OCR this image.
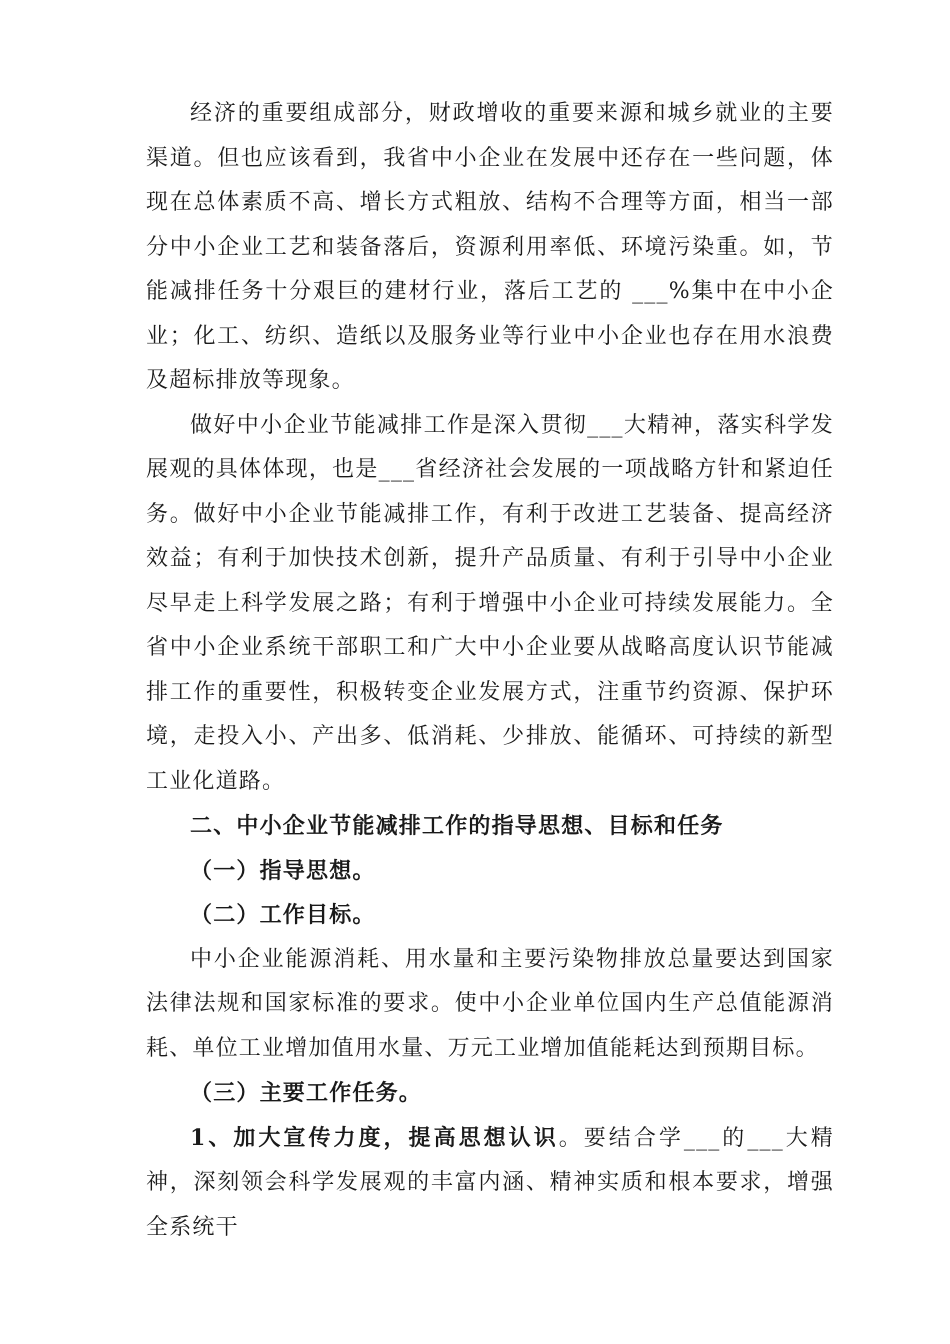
经济的重要组成部分，财政增收的重要来源和城乡就业的主要渠道。但也应该看到，我省中小企业在发展中还存在一些问题，体现在总体素质不高、增长方式粗放、结构不合理等方面，相当一部分中小企业工艺和装备落后，资源利用率低、环境污染重。如，节能减排任务十分艰巨的建材行业，落后工艺的 ___%集中在中小企业；化工、纺织、造纸以及服务业等行业中小企业也存在用水浪费及超标排放等现象。

做好中小企业节能减排工作是深入贯彻___大精神，落实科学发展观的具体体现，也是___省经济社会发展的一项战略方针和紧迫任务。做好中小企业节能减排工作，有利于改进工艺装备、提高经济效益；有利于加快技术创新，提升产品质量、有利于引导中小企业尽早走上科学发展之路；有利于增强中小企业可持续发展能力。全省中小企业系统干部职工和广大中小企业要从战略高度认识节能减排工作的重要性，积极转变企业发展方式，注重节约资源、保护环境，走投入小、产出多、低消耗、少排放、能循环、可持续的新型工业化道路。

二、中小企业节能减排工作的指导思想、目标和任务

（一）指导思想。

（二）工作目标。

中小企业能源消耗、用水量和主要污染物排放总量要达到国家法律法规和国家标准的要求。使中小企业单位国内生产总值能源消耗、单位工业增加值用水量、万元工业增加值能耗达到预期目标。

（三）主要工作任务。

1、加大宣传力度，提高思想认识。要结合学___的___大精神，深刻领会科学发展观的丰富内涵、精神实质和根本要求，增强全系统干
